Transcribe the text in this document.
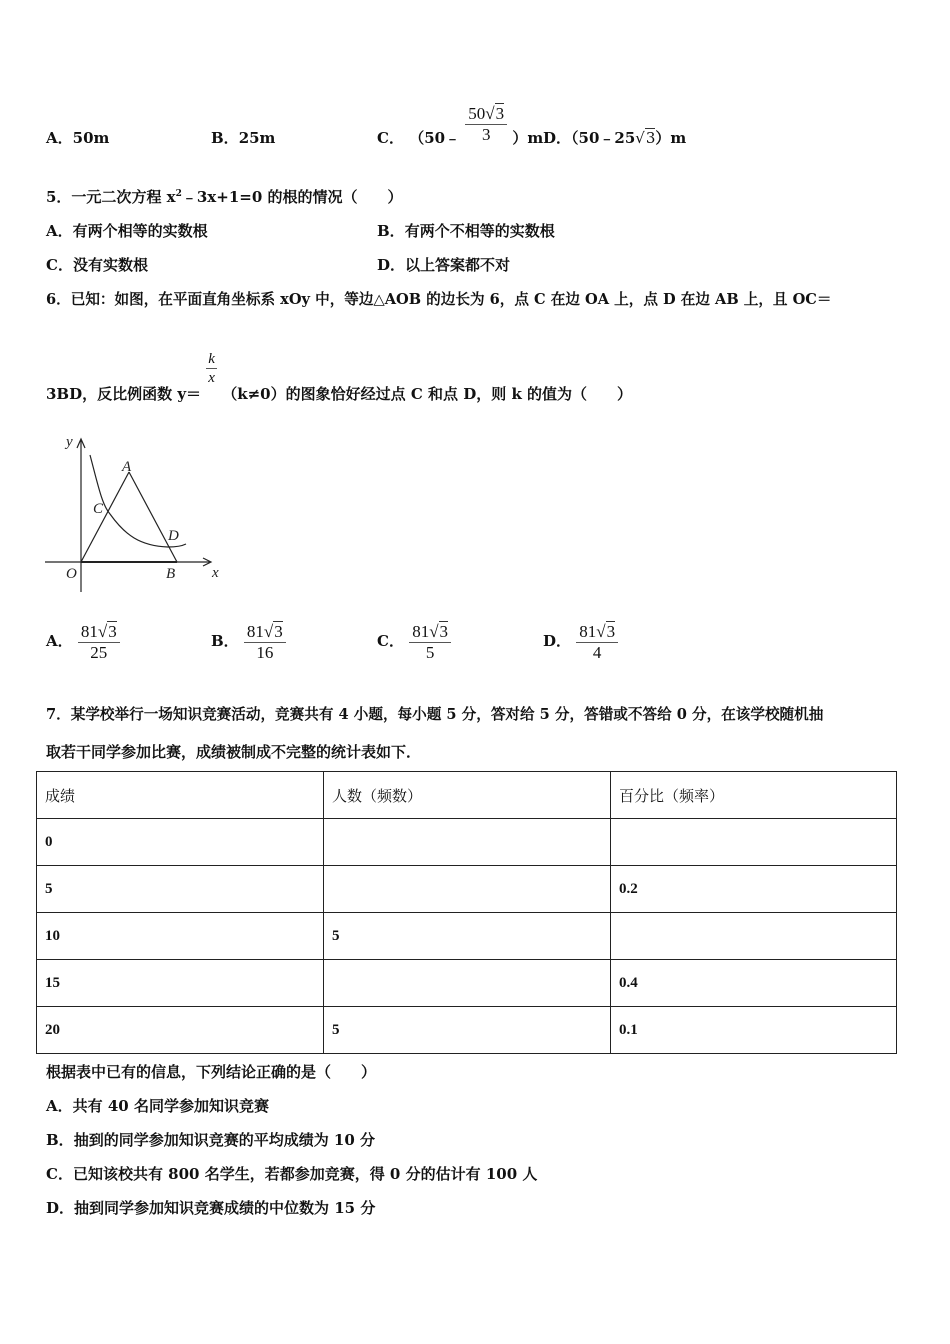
A．50m	B．25m	C． （50﹣ $\frac{50√3}{3} )m$ D．（50﹣25√3）m
5．一元二次方程 $x^2﹣3x+1=0$ 的根的情况（　　）
A．有两个相等的实数根	B．有两个不相等的实数根
C．没有实数根	D．以上答案都不对
6．已知：如图，在平面直角坐标系 xOy 中，等边△AOB 的边长为 6，点 C 在边 OA 上，点 D 在边 AB 上，且 OC＝
3BD，反比例函数 y＝
$\frac{k}{x}$
（k≠0）的图象恰好经过点 C 和点 D，则 k 的值为（　　）
y
x
O
A
B
C
D
A． $\frac{81√3}{25}$	B． $\frac{81√3}{16}$	C． $\frac{81√3}{5}$	D． $\frac{81√3}{4}$
7．某学校举行一场知识竞赛活动，竞赛共有 4 小题，每小题 5 分，答对给 5 分，答错或不答给 0 分，在该学校随机抽
取若干同学参加比赛，成绩被制成不完整的统计表如下．
成绩	人数（频数）	百分比（频率）
0		
5		0.2
10	5	
15		0.4
20	5	0.1
根据表中已有的信息，下列结论正确的是（　　）
A．共有 40 名同学参加知识竞赛
B．抽到的同学参加知识竞赛的平均成绩为 10 分
C．已知该校共有 800 名学生，若都参加竞赛，得 0 分的估计有 100 人
D．抽到同学参加知识竞赛成绩的中位数为 15 分
